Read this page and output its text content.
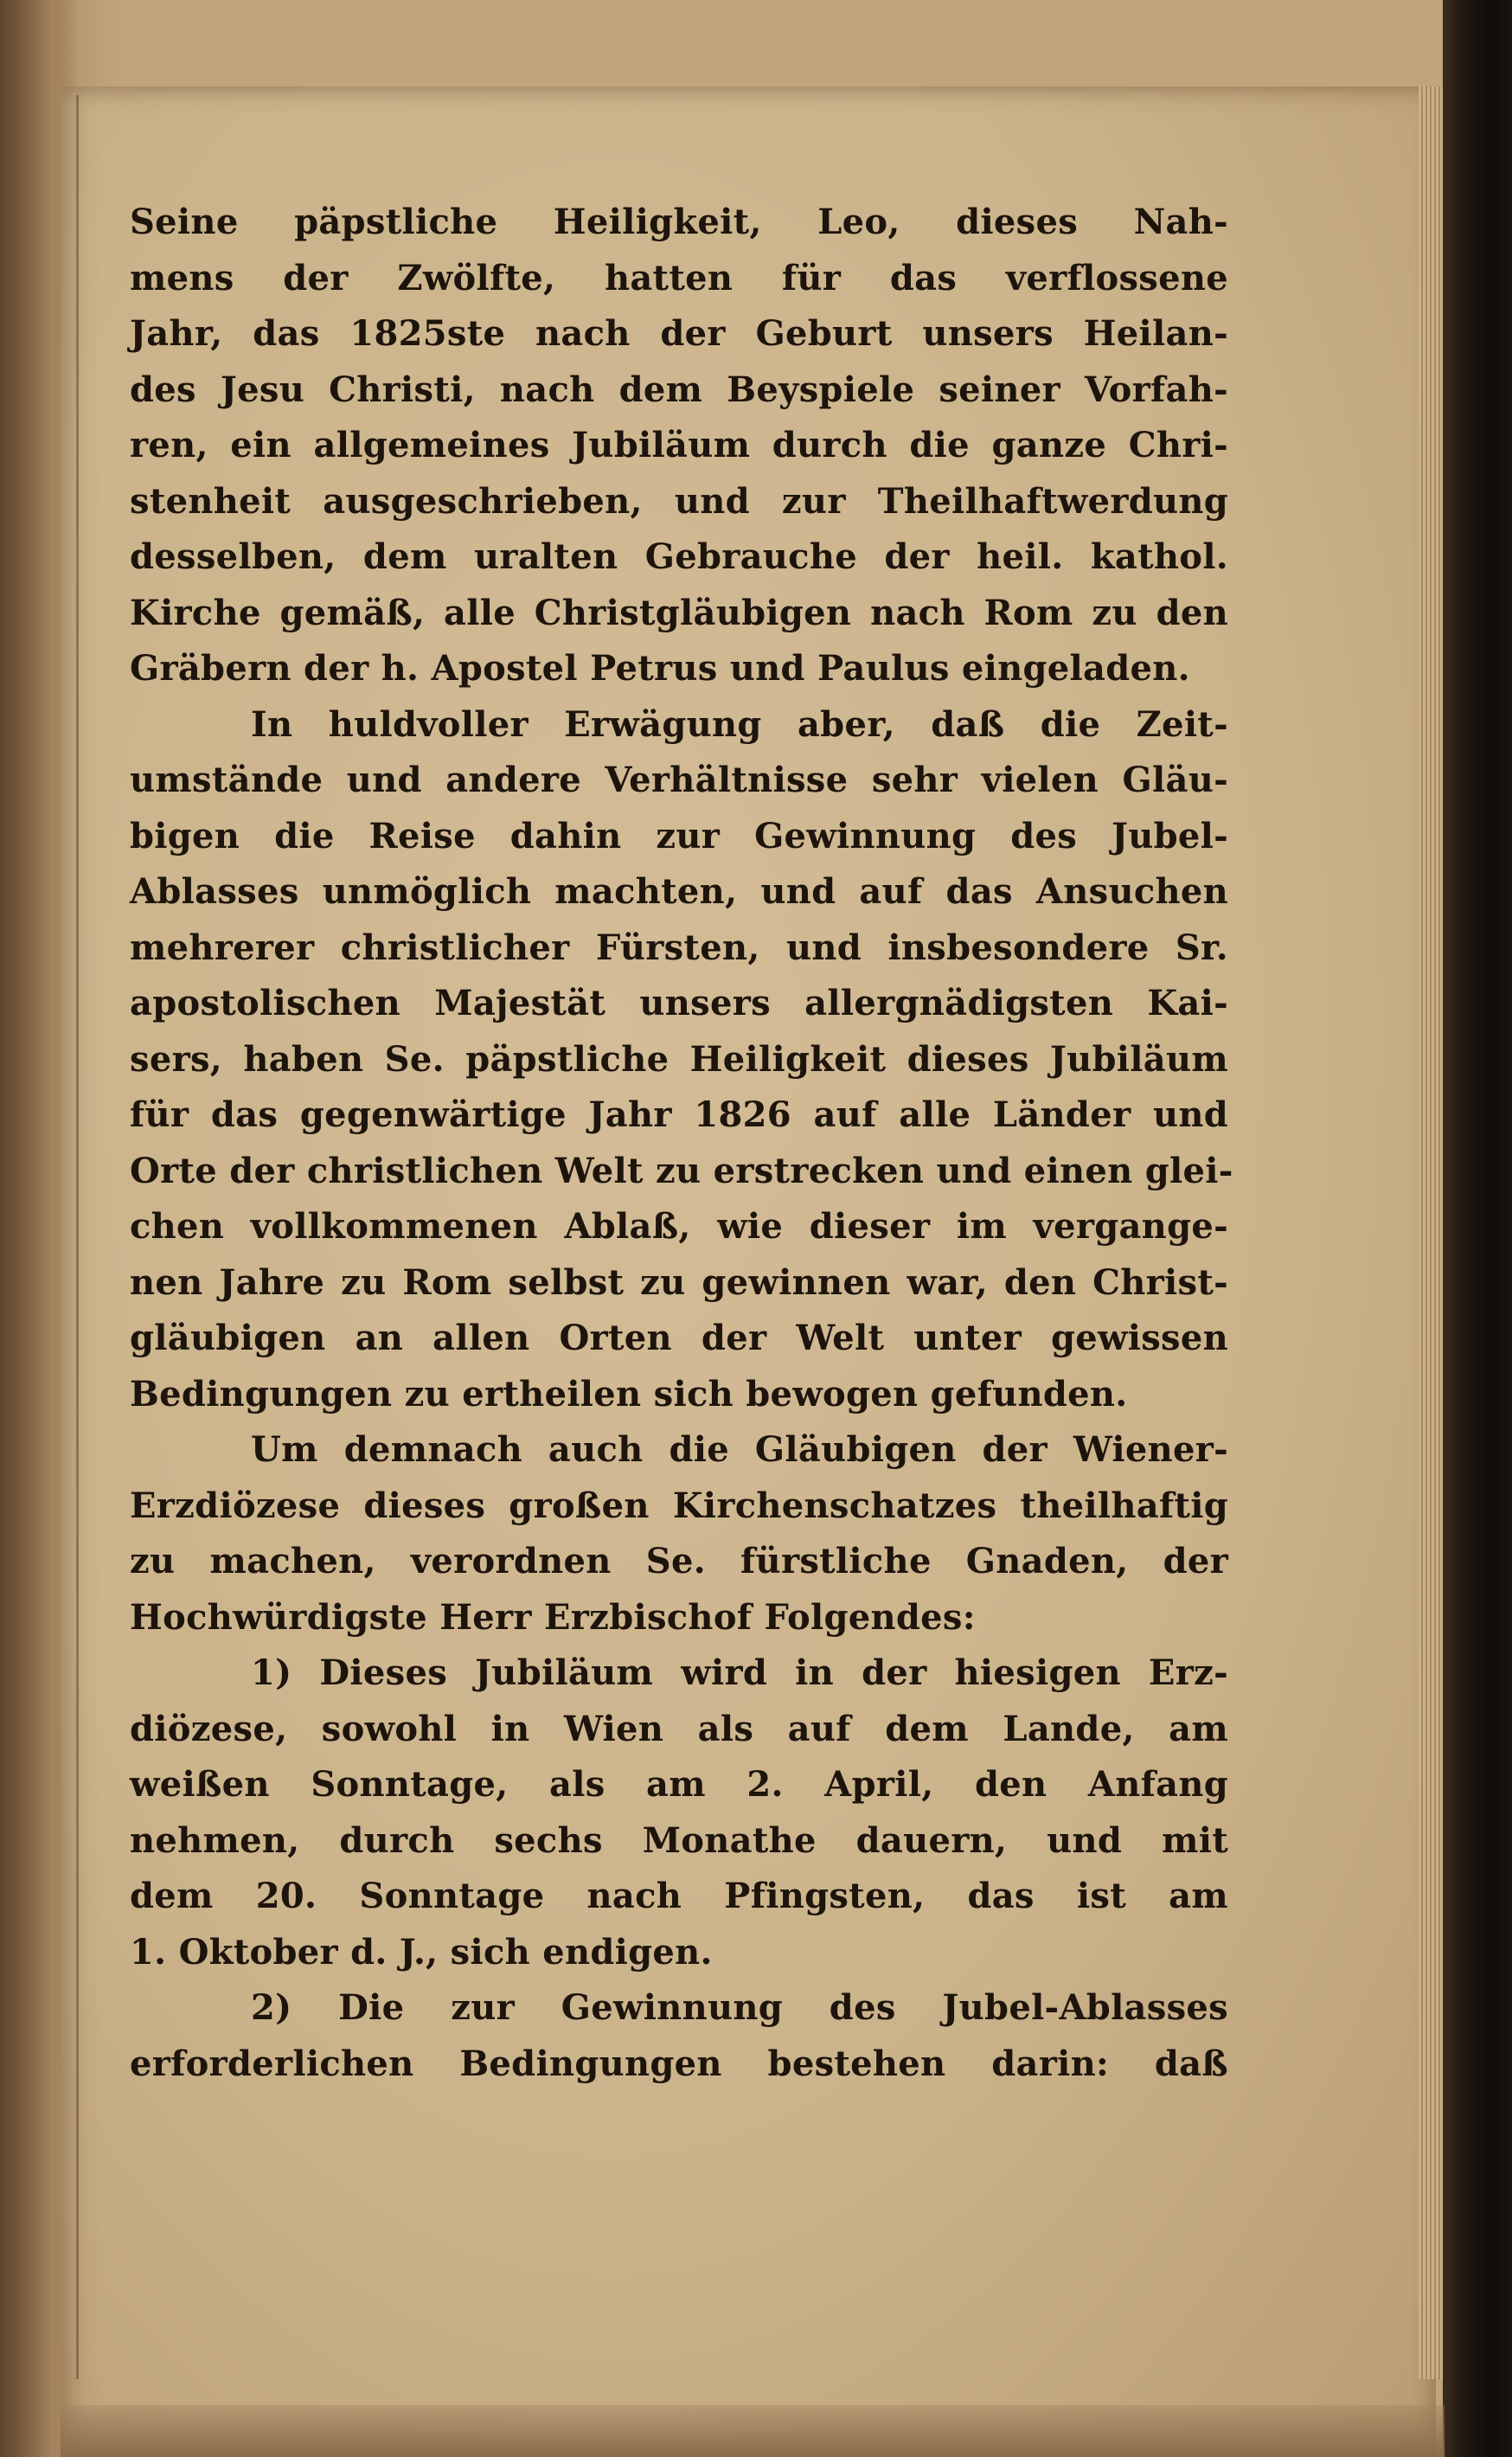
Seine päpstliche Heiligkeit, Leo, dieses Nah-
mens der Zwölfte, hatten für das verflossene
Jahr, das 1825ste nach der Geburt unsers Heilan-
des Jesu Christi, nach dem Beyspiele seiner Vorfah-
ren, ein allgemeines Jubiläum durch die ganze Chri-
stenheit ausgeschrieben, und zur Theilhaftwerdung
desselben, dem uralten Gebrauche der heil. kathol.
Kirche gemäß, alle Christgläubigen nach Rom zu den
Gräbern der h. Apostel Petrus und Paulus eingeladen.
In huldvoller Erwägung aber, daß die Zeit-
umstände und andere Verhältnisse sehr vielen Gläu-
bigen die Reise dahin zur Gewinnung des Jubel-
Ablasses unmöglich machten, und auf das Ansuchen
mehrerer christlicher Fürsten, und insbesondere Sr.
apostolischen Majestät unsers allergnädigsten Kai-
sers, haben Se. päpstliche Heiligkeit dieses Jubiläum
für das gegenwärtige Jahr 1826 auf alle Länder und
Orte der christlichen Welt zu erstrecken und einen glei-
chen vollkommenen Ablaß, wie dieser im vergange-
nen Jahre zu Rom selbst zu gewinnen war, den Christ-
gläubigen an allen Orten der Welt unter gewissen
Bedingungen zu ertheilen sich bewogen gefunden.
Um demnach auch die Gläubigen der Wiener-
Erzdiözese dieses großen Kirchenschatzes theilhaftig
zu machen, verordnen Se. fürstliche Gnaden, der
Hochwürdigste Herr Erzbischof Folgendes:
1) Dieses Jubiläum wird in der hiesigen Erz-
diözese, sowohl in Wien als auf dem Lande, am
weißen Sonntage, als am 2. April, den Anfang
nehmen, durch sechs Monathe dauern, und mit
dem 20. Sonntage nach Pfingsten, das ist am
1. Oktober d. J., sich endigen.
2) Die zur Gewinnung des Jubel-Ablasses
erforderlichen Bedingungen bestehen darin: daß
